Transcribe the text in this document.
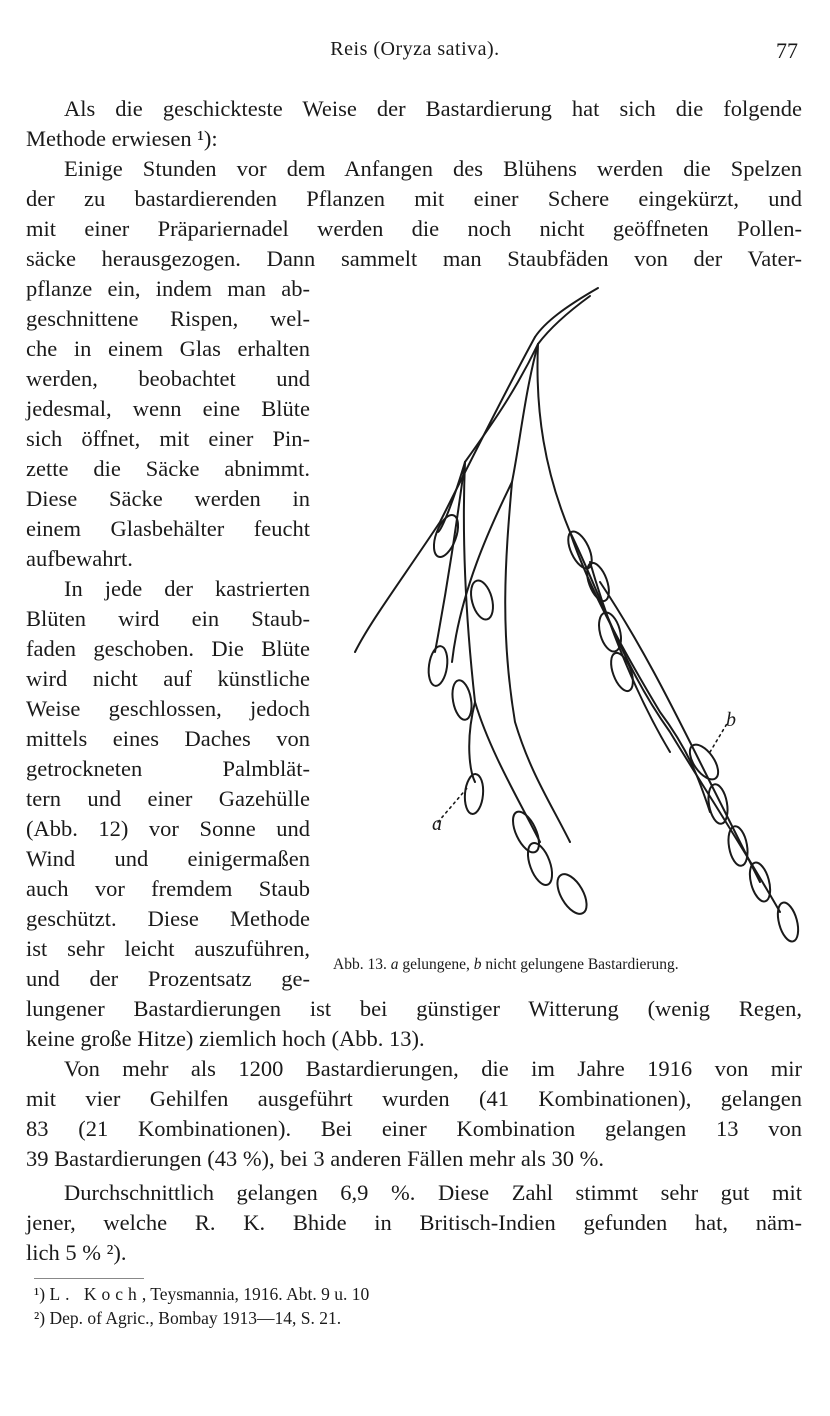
Reis (Oryza sativa).	77
Als die geschickteste Weise der Bastardierung hat sich die folgende
Methode erwiesen ¹):
Einige Stunden vor dem Anfangen des Blühens werden die Spelzen
der zu bastardierenden Pflanzen mit einer Schere eingekürzt, und
mit einer Präpariernadel werden die noch nicht geöffneten Pollen-
säcke herausgezogen. Dann sammelt man Staubfäden von der Vater-
pflanze ein, indem man ab-
geschnittene Rispen, wel-
che in einem Glas erhalten
werden, beobachtet und
jedesmal, wenn eine Blüte
sich öffnet, mit einer Pin-
zette die Säcke abnimmt.
Diese Säcke werden in
einem Glasbehälter feucht
aufbewahrt.
In jede der kastrierten
Blüten wird ein Staub-
faden geschoben. Die Blüte
wird nicht auf künstliche
Weise geschlossen, jedoch
mittels eines Daches von
getrockneten Palmblät-
tern und einer Gazehülle
(Abb. 12) vor Sonne und
Wind und einigermaßen
auch vor fremdem Staub
geschützt. Diese Methode
ist sehr leicht auszuführen,
und der Prozentsatz ge-
lungener Bastardierungen ist bei günstiger Witterung (wenig Regen,
keine große Hitze) ziemlich hoch (Abb. 13).
Von mehr als 1200 Bastardierungen, die im Jahre 1916 von mir
mit vier Gehilfen ausgeführt wurden (41 Kombinationen), gelangen
83 (21 Kombinationen). Bei einer Kombination gelangen 13 von
39 Bastardierungen (43 %), bei 3 anderen Fällen mehr als 30 %.
Durchschnittlich gelangen 6,9 %. Diese Zahl stimmt sehr gut mit
jener, welche R. K. Bhide in Britisch-Indien gefunden hat, näm-
lich 5 % ²).
a
b
Abb. 13. a gelungene, b nicht gelungene Bastardierung.
¹) L. Koch, Teysmannia, 1916. Abt. 9 u. 10
²) Dep. of Agric., Bombay 1913—14, S. 21.
